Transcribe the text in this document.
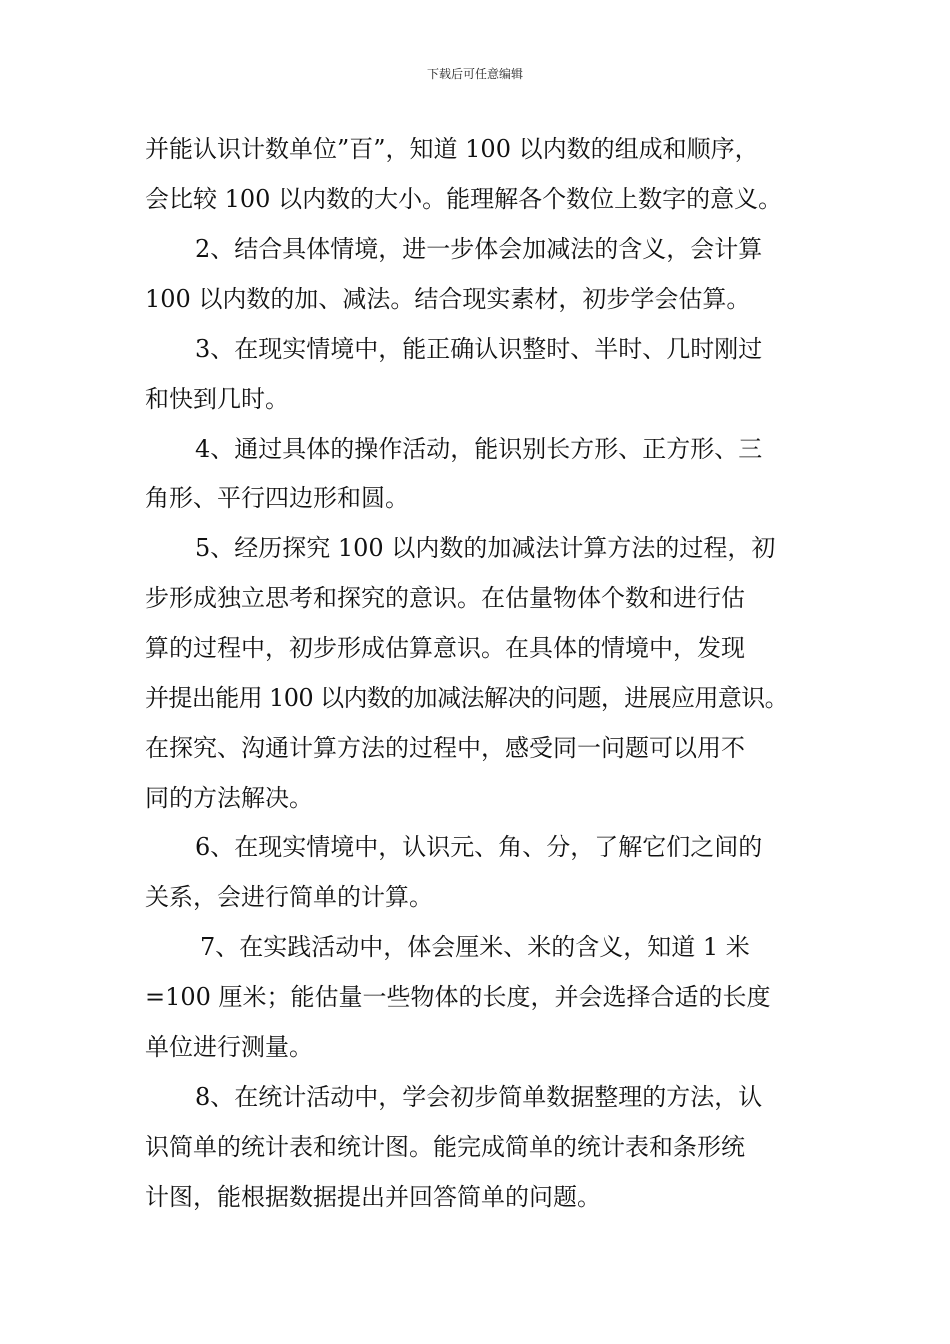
下载后可任意编辑
并能认识计数单位”百”，知道 100 以内数的组成和顺序，
会比较 100 以内数的大小。能理解各个数位上数字的意义。
2、结合具体情境，进一步体会加减法的含义，会计算
100 以内数的加、减法。结合现实素材，初步学会估算。
3、在现实情境中，能正确认识整时、半时、几时刚过
和快到几时。
4、通过具体的操作活动，能识别长方形、正方形、三
角形、平行四边形和圆。
5、经历探究 100 以内数的加减法计算方法的过程，初
步形成独立思考和探究的意识。在估量物体个数和进行估
算的过程中，初步形成估算意识。在具体的情境中，发现
并提出能用 100 以内数的加减法解决的问题，进展应用意识。
在探究、沟通计算方法的过程中，感受同一问题可以用不
同的方法解决。
6、在现实情境中，认识元、角、分，了解它们之间的
关系，会进行简单的计算。
7、在实践活动中，体会厘米、米的含义，知道 1 米
=100 厘米；能估量一些物体的长度，并会选择合适的长度
单位进行测量。
8、在统计活动中，学会初步简单数据整理的方法，认
识简单的统计表和统计图。能完成简单的统计表和条形统
计图，能根据数据提出并回答简单的问题。
